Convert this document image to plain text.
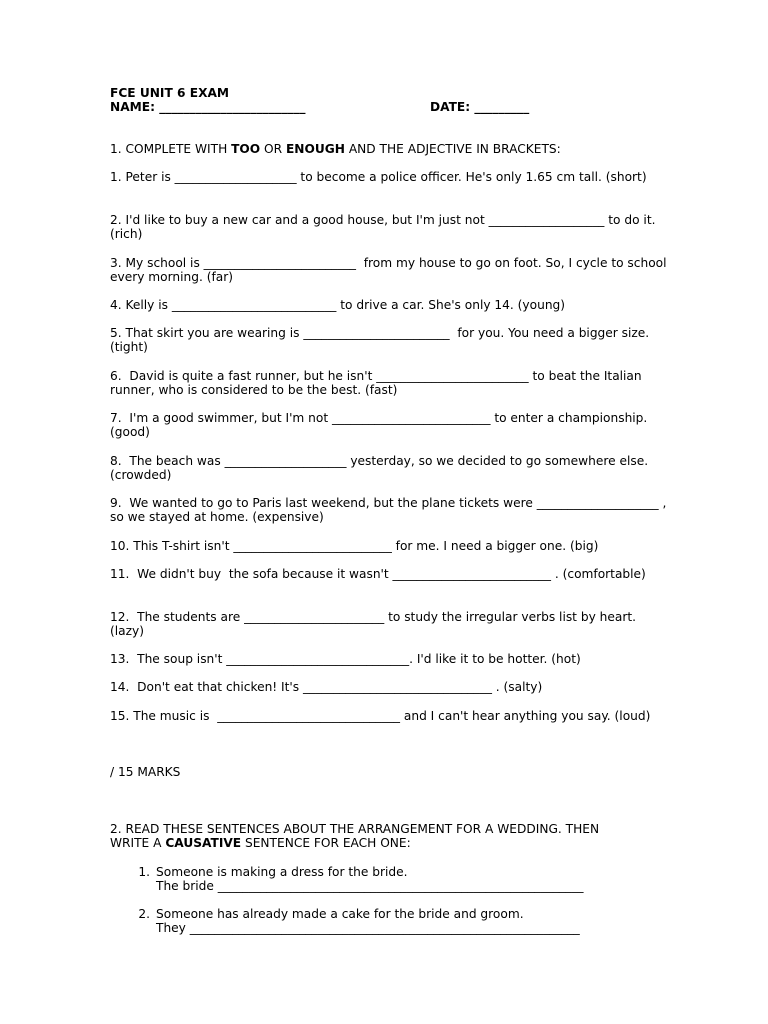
FCE UNIT 6 EXAM
NAME: ________________________	DATE: _________
1. COMPLETE WITH TOO OR ENOUGH AND THE ADJECTIVE IN BRACKETS:
1. Peter is ____________________ to become a police officer. He's only 1.65 cm tall. (short)
2. I'd like to buy a new car and a good house, but I'm just not ___________________ to do it. (rich)
3. My school is _________________________  from my house to go on foot. So, I cycle to school every morning. (far)
4. Kelly is ___________________________ to drive a car. She's only 14. (young)
5. That skirt you are wearing is ________________________  for you. You need a bigger size. (tight)
6.  David is quite a fast runner, but he isn't _________________________ to beat the Italian runner, who is considered to be the best. (fast)
7.  I'm a good swimmer, but I'm not __________________________ to enter a championship. (good)
8.  The beach was ____________________ yesterday, so we decided to go somewhere else. (crowded)
9.  We wanted to go to Paris last weekend, but the plane tickets were ____________________ , so we stayed at home. (expensive)
10. This T-shirt isn't __________________________ for me. I need a bigger one. (big)
11.  We didn't buy  the sofa because it wasn't __________________________ . (comfortable)
12.  The students are _______________________ to study the irregular verbs list by heart. (lazy)
13.  The soup isn't ______________________________. I'd like it to be hotter. (hot)
14.  Don't eat that chicken! It's _______________________________ . (salty)
15. The music is  ______________________________ and I can't hear anything you say. (loud)
/ 15 MARKS
2. READ THESE SENTENCES ABOUT THE ARRANGEMENT FOR A WEDDING. THEN
WRITE A CAUSATIVE SENTENCE FOR EACH ONE:
1. Someone is making a dress for the bride.
The bride ____________________________________________________________
2. Someone has already made a cake for the bride and groom.
They ________________________________________________________________
